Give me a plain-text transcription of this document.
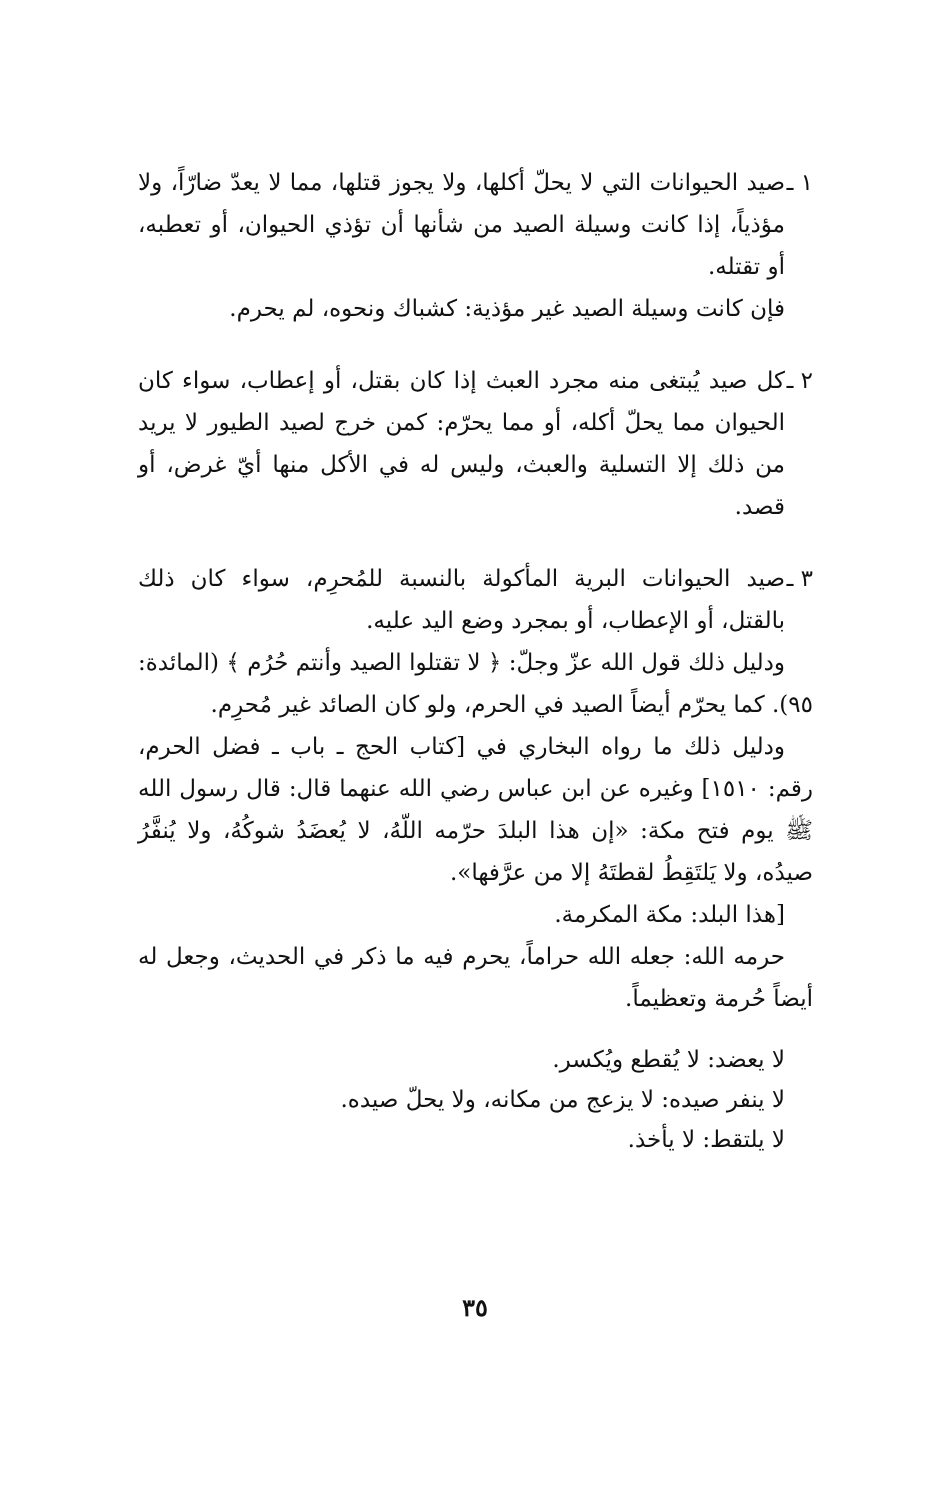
١ ـ
صيد الحيوانات التي لا يحلّ أكلها، ولا يجوز قتلها، مما لا يعدّ ضارّاً، ولا مؤذياً، إذا كانت وسيلة الصيد من شأنها أن تؤذي الحيوان، أو تعطبه، أو تقتله.

فإن كانت وسيلة الصيد غير مؤذية: كشباك ونحوه، لم يحرم.

٢ ـ
كل صيد يُبتغى منه مجرد العبث إذا كان بقتل، أو إعطاب، سواء كان الحيوان مما يحلّ أكله، أو مما يحرّم: كمن خرج لصيد الطيور لا يريد من ذلك إلا التسلية والعبث، وليس له في الأكل منها أيّ غرض، أو قصد.
٣ ـ
صيد الحيوانات البرية المأكولة بالنسبة للمُحرِم، سواء كان ذلك بالقتل، أو الإعطاب، أو بمجرد وضع اليد عليه.

ودليل ذلك قول الله عزّ وجلّ: ﴿ لا تقتلوا الصيد وأنتم حُرُم ﴾ (المائدة: ٩٥). كما يحرّم أيضاً الصيد في الحرم، ولو كان الصائد غير مُحرِم.

ودليل ذلك ما رواه البخاري في [كتاب الحج ـ باب ـ فضل الحرم، رقم: ١٥١٠] وغيره عن ابن عباس رضي الله عنهما قال: قال رسول الله ﷺ يوم فتح مكة: «إن هذا البلدَ حرّمه اللّهُ، لا يُعضَدُ شوكُهُ، ولا يُنفَّرُ صيدُه، ولا يَلتَقِطُ لقطتَهُ إلا من عرَّفها».

[هذا البلد: مكة المكرمة.

حرمه الله: جعله الله حراماً، يحرم فيه ما ذكر في الحديث، وجعل له أيضاً حُرمة وتعظيماً.

لا يعضد: لا يُقطع ويُكسر.
لا ينفر صيده: لا يزعج من مكانه، ولا يحلّ صيده.
لا يلتقط: لا يأخذ.
٣٥
